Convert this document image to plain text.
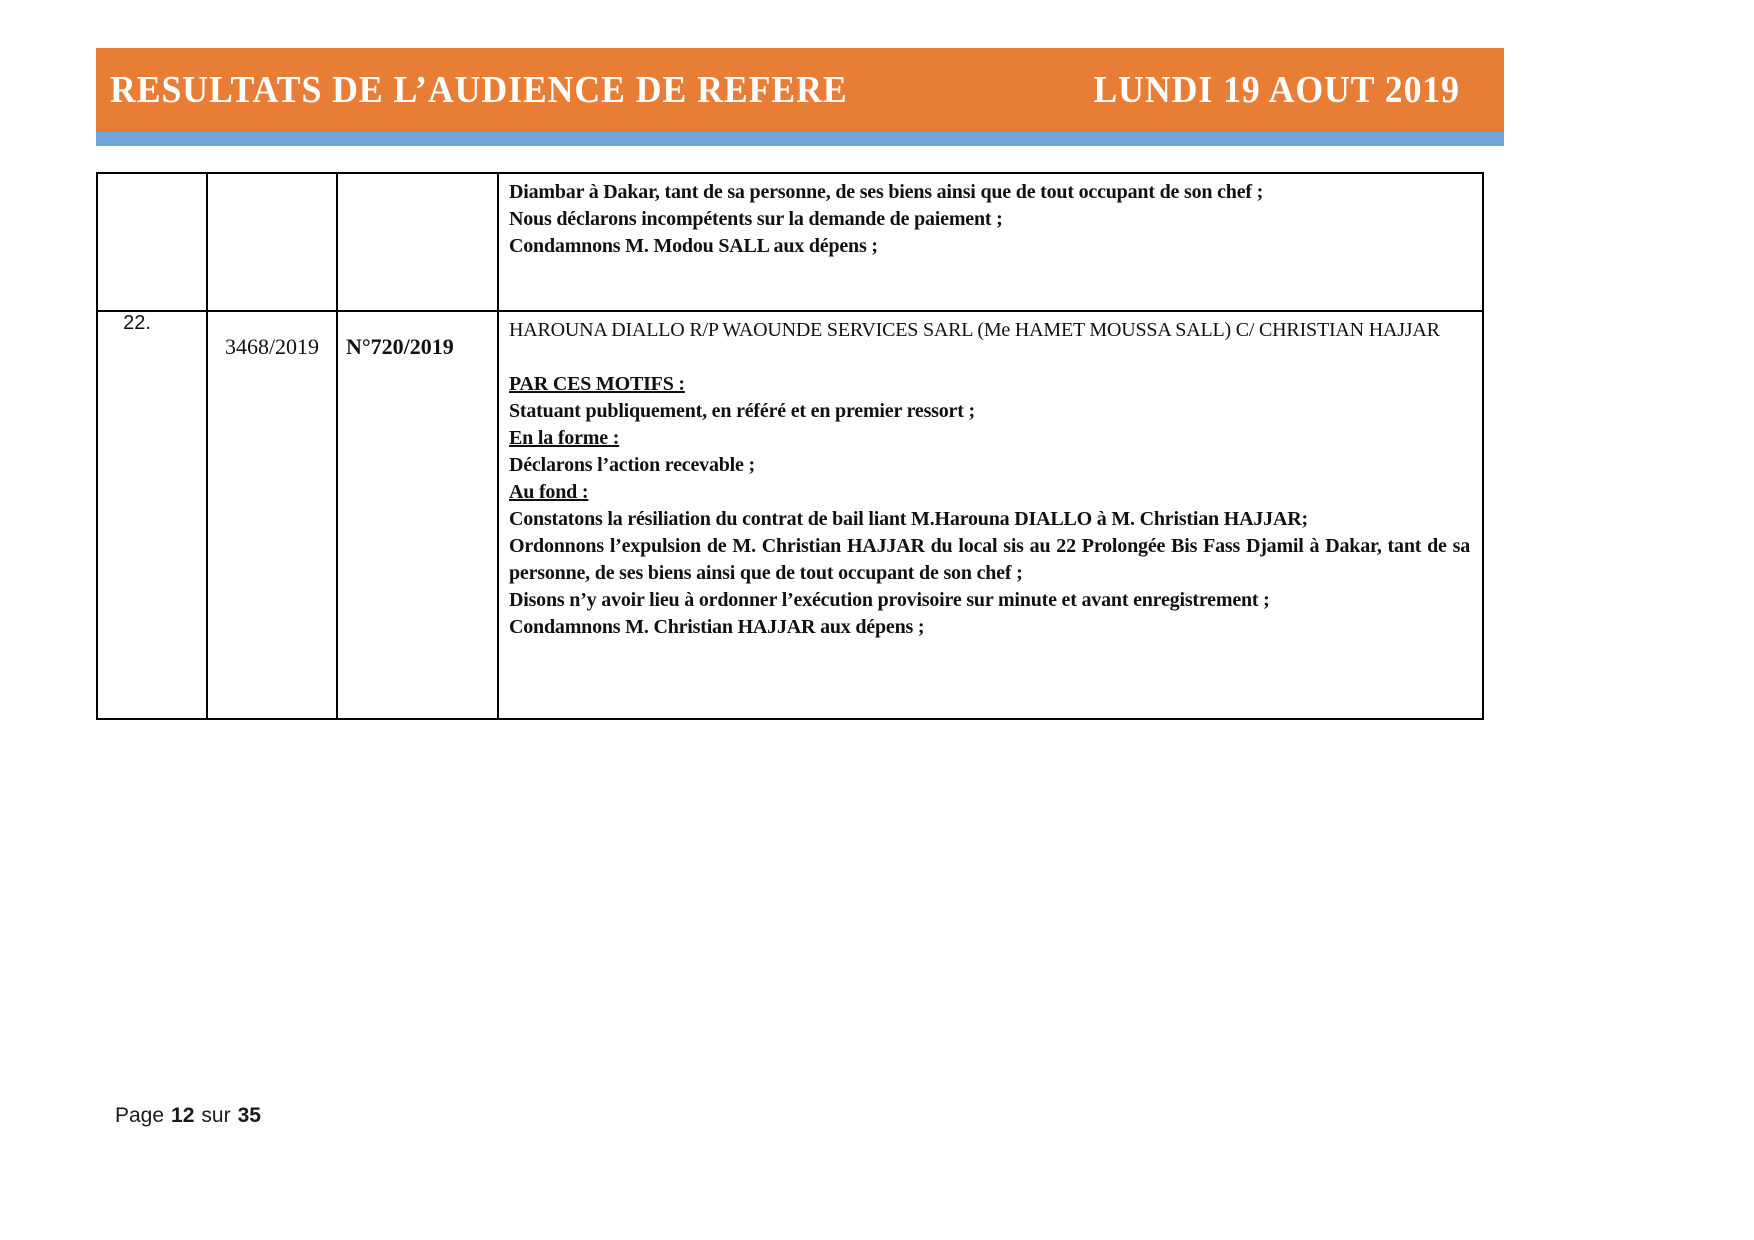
RESULTATS DE L’AUDIENCE DE REFERE	LUNDI 19 AOUT 2019

			Diambar à Dakar, tant de sa personne, de ses biens ainsi que de tout occupant de son chef ;

Nous déclarons incompétents sur la demande de paiement ;

Condamnons M. Modou SALL aux dépens ;

22.	3468/2019	N°720/2019	

HAROUNA DIALLO R/P WAOUNDE SERVICES SARL (Me HAMET MOUSSA SALL) C/ CHRISTIAN HAJJAR

PAR CES MOTIFS :

Statuant publiquement, en référé et en premier ressort ;

En la forme :

Déclarons l’action recevable ;

Au fond :

Constatons la résiliation du contrat de bail liant M.Harouna DIALLO à M. Christian HAJJAR;

Ordonnons l’expulsion de M. Christian HAJJAR du local sis au 22 Prolongée Bis Fass Djamil à Dakar, tant de sa personne, de ses biens ainsi que de tout occupant de son chef ;

Disons n’y avoir lieu à ordonner l’exécution provisoire sur minute et avant enregistrement ;

Condamnons M. Christian HAJJAR aux dépens ;

Page 12 sur 35
